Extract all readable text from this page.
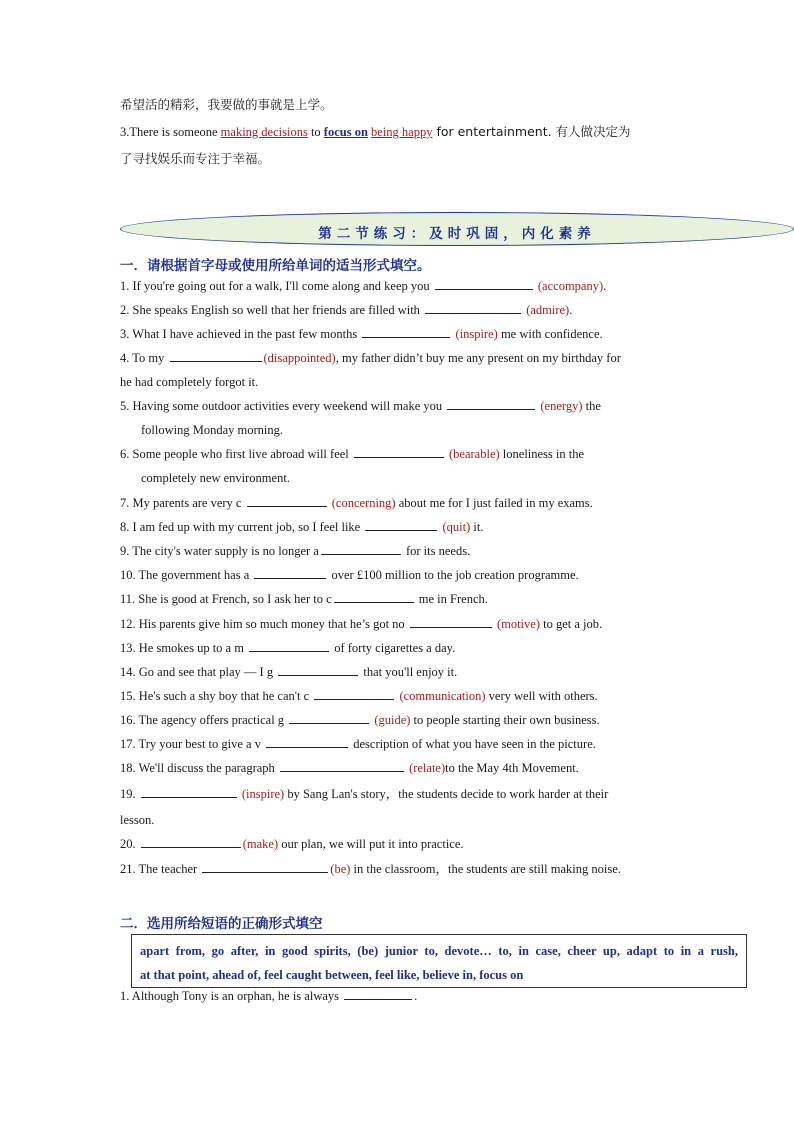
希望活的精彩，我要做的事就是上学。
3.There is someone making decisions to focus on being happy for entertainment. 有人做决定为
了寻找娱乐而专注于幸福。
第二节练习：及时巩固，内化素养
一．请根据首字母或使用所给单词的适当形式填空。
1. If you're going out for a walk, I'll come along and keep you	(accompany).
2. She speaks English so well that her friends are filled with	(admire).
3. What I have achieved in the past few months	(inspire) me with confidence.
4. To my	(disappointed), my father didn’t buy me any present on my birthday for
he had completely forgot it.
5. Having some outdoor activities every weekend will make you	(energy) the
following Monday morning.
6. Some people who first live abroad will feel	(bearable) loneliness in the
completely new environment.
7. My parents are very c	(concerning) about me for I just failed in my exams.
8. I am fed up with my current job, so I feel like	(quit) it.
9. The city's water supply is no longer a	for its needs.
10. The government has a	over £100 million to the job creation programme.
11. She is good at French, so I ask her to c	me in French.
12. His parents give him so much money that he’s got no	(motive) to get a job.
13. He smokes up to a m	of forty cigarettes a day.
14. Go and see that play — I g	that you'll enjoy it.
15. He's such a shy boy that he can't c	(communication) very well with others.
16. The agency offers practical g	(guide) to people starting their own business.
17. Try your best to give a v	description of what you have seen in the picture.
18. We'll discuss the paragraph	(relate)to the May 4th Movement.
19.	(inspire) by Sang Lan's story，the students decide to work harder at their
lesson.
20.	(make) our plan, we will put it into practice.
21. The teacher	(be) in the classroom，the students are still making noise.
二．选用所给短语的正确形式填空
apart from, go after, in good spirits, (be) junior to, devote… to, in case, cheer up, adapt to in a rush,
at that point, ahead of, feel caught between, feel like, believe in, focus on
1. Although Tony is an orphan, he is always	.
